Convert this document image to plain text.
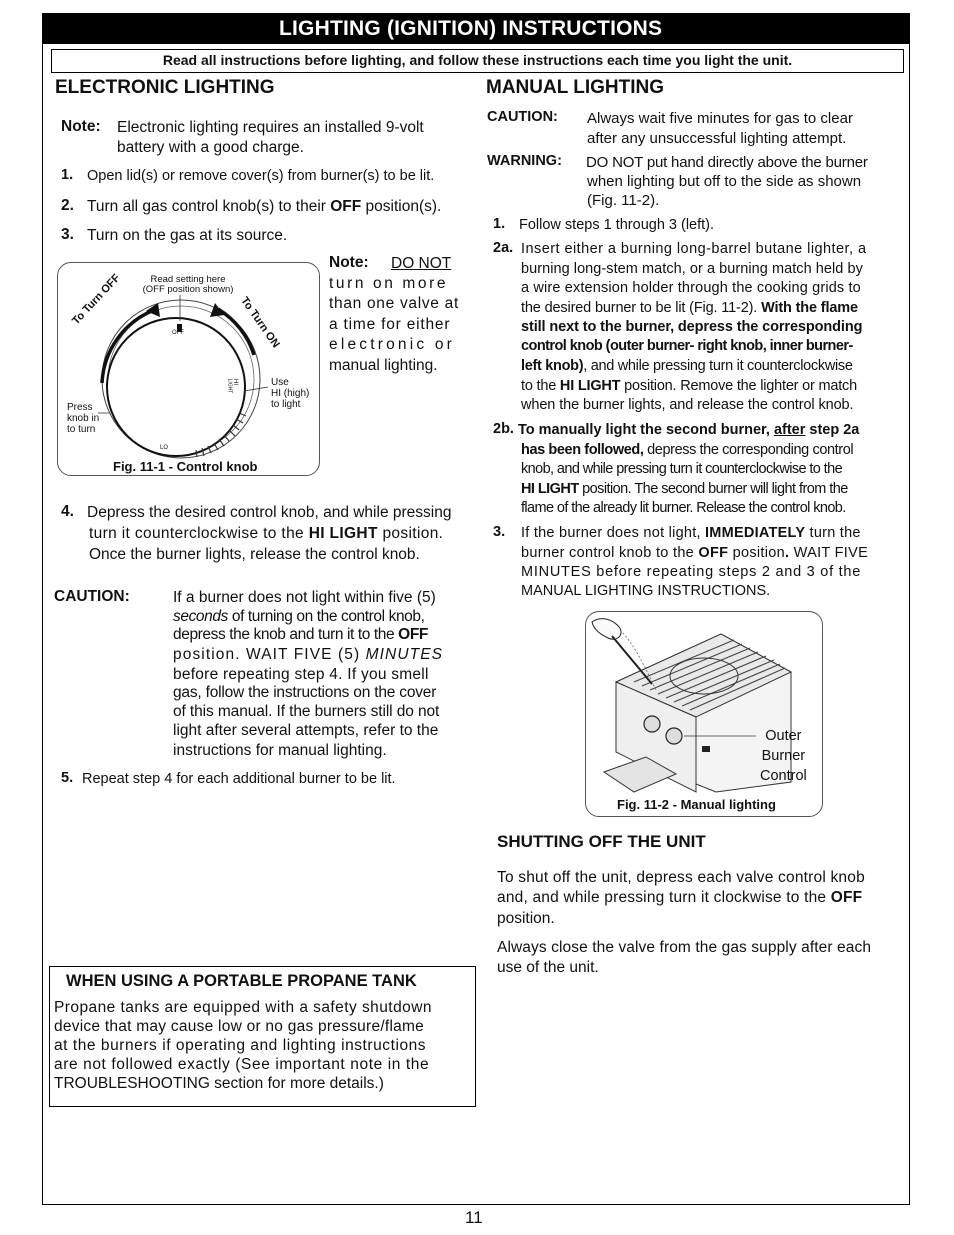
LIGHTING (IGNITION) INSTRUCTIONS
Read all instructions before lighting, and follow these instructions each time you light the unit.
ELECTRONIC LIGHTING
Note: Electronic lighting requires an installed 9-volt
battery with a good charge.
1. Open lid(s) or remove cover(s) from burner(s) to be lit.
2. Turn all gas control knob(s) to their OFF position(s).
3. Turn on the gas at its source.
Read setting here
(OFF position shown)
To Turn OFF	To Turn ON
OFF
HI
LO
LIGHT
Press
knob in
to turn
Use
HI (high)
to light
Fig. 11-1 - Control knob
Note: DO NOT
turn on more
than one valve at
a time for either
electronic or
manual lighting.
4. Depress the desired control knob, and while pressing
turn it counterclockwise to the HI LIGHT position.
Once the burner lights, release the control knob.
CAUTION:	If a burner does not light within five (5)
seconds of turning on the control knob,
depress the knob and turn it to the OFF
position. WAIT FIVE (5) MINUTES
before repeating step 4. If you smell
gas, follow the instructions on the cover
of this manual. If the burners still do not
light after several attempts, refer to the
instructions for manual lighting.
5. Repeat step 4 for each additional burner to be lit.
MANUAL LIGHTING
CAUTION: Always wait five minutes for gas to clear
after any unsuccessful lighting attempt.
WARNING: DO NOT put hand directly above the burner
when lighting but off to the side as shown
(Fig. 11-2).
1. Follow steps 1 through 3 (left).
2a. Insert either a burning long-barrel butane lighter, a
burning long-stem match, or a burning match held by
a wire extension holder through the cooking grids to
the desired burner to be lit (Fig. 11-2). With the flame
still next to the burner, depress the corresponding
control knob (outer burner- right knob, inner burner-
left knob), and while pressing turn it counterclockwise
to the HI LIGHT position. Remove the lighter or match
when the burner lights, and release the control knob.
2b. To manually light the second burner, after step 2a
has been followed, depress the corresponding control
knob, and while pressing turn it counterclockwise to the
HI LIGHT position. The second burner will light from the
flame of the already lit burner. Release the control knob.
3. If the burner does not light, IMMEDIATELY turn the
burner control knob to the OFF position. WAIT FIVE
MINUTES before repeating steps 2 and 3 of the
MANUAL LIGHTING INSTRUCTIONS.
Outer
Burner
Control
Fig. 11-2 - Manual lighting
SHUTTING OFF THE UNIT
To shut off the unit, depress each valve control knob
and, and while pressing turn it clockwise to the OFF
position.
Always close the valve from the gas supply after each
use of the unit.
WHEN USING A PORTABLE PROPANE TANK
Propane tanks are equipped with a safety shutdown
device that may cause low or no gas pressure/flame
at the burners if operating and lighting instructions
are not followed exactly (See important note in the
TROUBLESHOOTING section for more details.)
11
